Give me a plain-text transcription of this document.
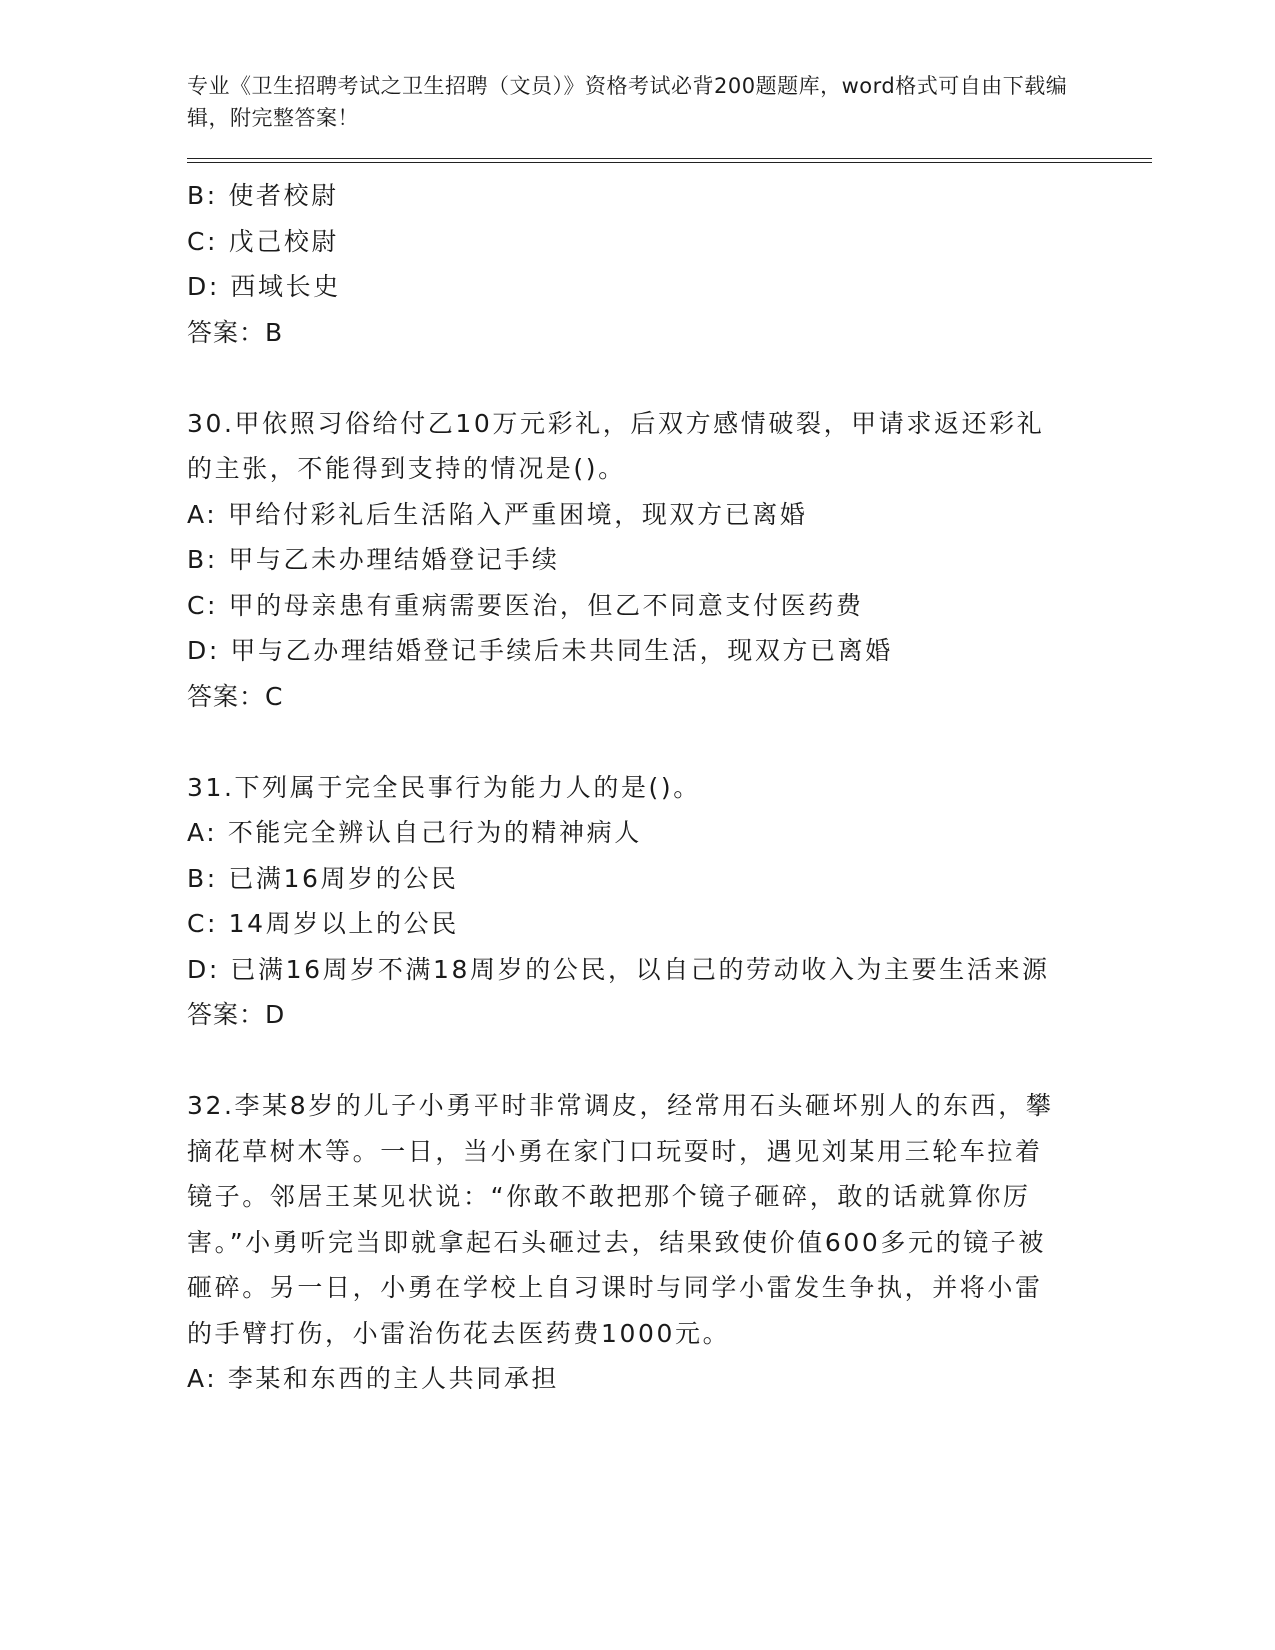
专业《卫生招聘考试之卫生招聘（文员）》资格考试必背200题题库，word格式可自由下载编辑，附完整答案！
B: 使者校尉
C: 戊己校尉
D: 西域长史
答案：B
30.甲依照习俗给付乙10万元彩礼，后双方感情破裂，甲请求返还彩礼的主张，不能得到支持的情况是()。
A: 甲给付彩礼后生活陷入严重困境，现双方已离婚
B: 甲与乙未办理结婚登记手续
C: 甲的母亲患有重病需要医治，但乙不同意支付医药费
D: 甲与乙办理结婚登记手续后未共同生活，现双方已离婚
答案：C
31.下列属于完全民事行为能力人的是()。
A: 不能完全辨认自己行为的精神病人
B: 已满16周岁的公民
C: 14周岁以上的公民
D: 已满16周岁不满18周岁的公民，以自己的劳动收入为主要生活来源
答案：D
32.李某8岁的儿子小勇平时非常调皮，经常用石头砸坏别人的东西，攀摘花草树木等。一日，当小勇在家门口玩耍时，遇见刘某用三轮车拉着镜子。邻居王某见状说：“你敢不敢把那个镜子砸碎，敢的话就算你厉害。”小勇听完当即就拿起石头砸过去，结果致使价值600多元的镜子被砸碎。另一日，小勇在学校上自习课时与同学小雷发生争执，并将小雷的手臂打伤，小雷治伤花去医药费1000元。
A: 李某和东西的主人共同承担
